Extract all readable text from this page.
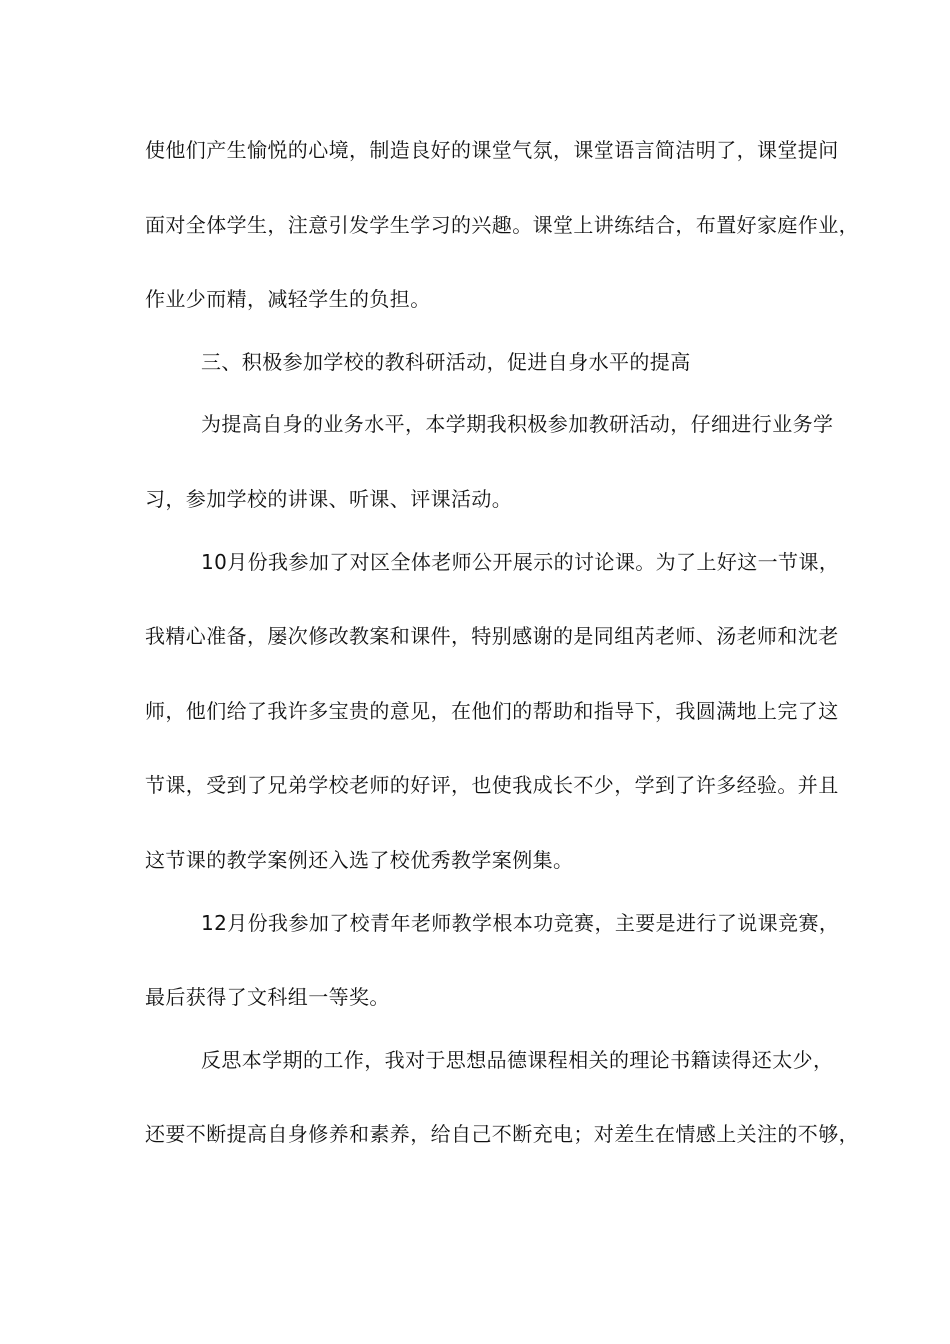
使他们产生愉悦的心境，制造良好的课堂气氛，课堂语言简洁明了，课堂提问
面对全体学生，注意引发学生学习的兴趣。课堂上讲练结合，布置好家庭作业，
作业少而精，减轻学生的负担。
三、积极参加学校的教科研活动，促进自身水平的提高
为提高自身的业务水平，本学期我积极参加教研活动，仔细进行业务学
习，参加学校的讲课、听课、评课活动。
10月份我参加了对区全体老师公开展示的讨论课。为了上好这一节课，
我精心准备，屡次修改教案和课件，特别感谢的是同组芮老师、汤老师和沈老
师，他们给了我许多宝贵的意见，在他们的帮助和指导下，我圆满地上完了这
节课，受到了兄弟学校老师的好评，也使我成长不少，学到了许多经验。并且
这节课的教学案例还入选了校优秀教学案例集。
12月份我参加了校青年老师教学根本功竞赛，主要是进行了说课竞赛，
最后获得了文科组一等奖。
反思本学期的工作，我对于思想品德课程相关的理论书籍读得还太少，
还要不断提高自身修养和素养，给自己不断充电；对差生在情感上关注的不够，
